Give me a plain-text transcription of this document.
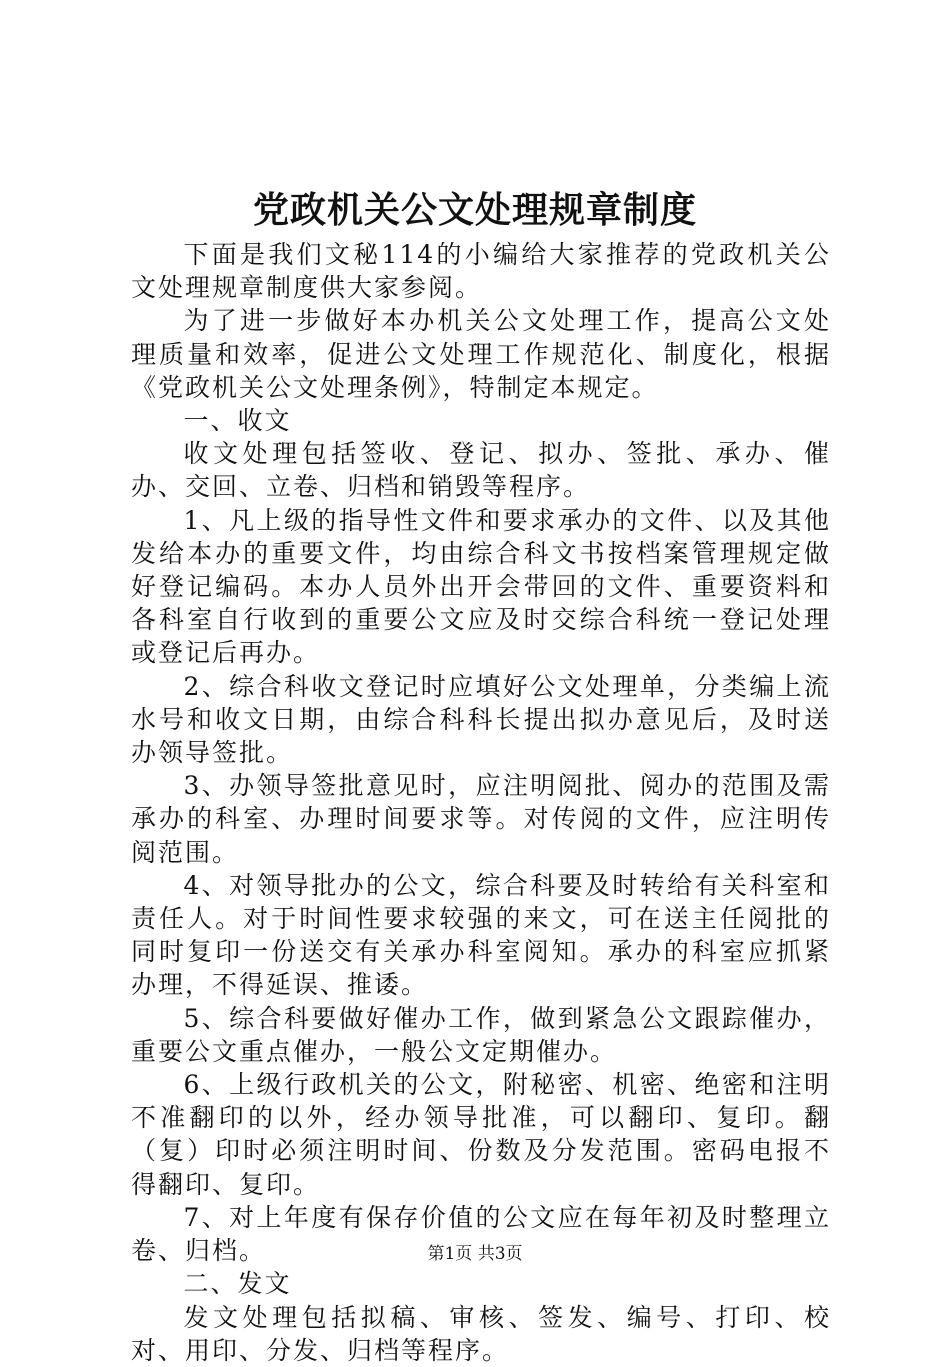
党政机关公文处理规章制度

下面是我们文秘114的小编给大家推荐的党政机关公文处理规章制度供大家参阅。

为了进一步做好本办机关公文处理工作，提高公文处理质量和效率，促进公文处理工作规范化、制度化，根据《党政机关公文处理条例》，特制定本规定。

一、收文

收文处理包括签收、登记、拟办、签批、承办、催办、交回、立卷、归档和销毁等程序。

1、凡上级的指导性文件和要求承办的文件、以及其他发给本办的重要文件，均由综合科文书按档案管理规定做好登记编码。本办人员外出开会带回的文件、重要资料和各科室自行收到的重要公文应及时交综合科统一登记处理或登记后再办。

2、综合科收文登记时应填好公文处理单，分类编上流水号和收文日期，由综合科科长提出拟办意见后，及时送办领导签批。

3、办领导签批意见时，应注明阅批、阅办的范围及需承办的科室、办理时间要求等。对传阅的文件，应注明传阅范围。

4、对领导批办的公文，综合科要及时转给有关科室和责任人。对于时间性要求较强的来文，可在送主任阅批的同时复印一份送交有关承办科室阅知。承办的科室应抓紧办理，不得延误、推诿。

5、综合科要做好催办工作，做到紧急公文跟踪催办，重要公文重点催办，一般公文定期催办。

6、上级行政机关的公文，附秘密、机密、绝密和注明不准翻印的以外，经办领导批准，可以翻印、复印。翻（复）印时必须注明时间、份数及分发范围。密码电报不得翻印、复印。

7、对上年度有保存价值的公文应在每年初及时整理立卷、归档。

二、发文

发文处理包括拟稿、审核、签发、编号、打印、校对、用印、分发、归档等程序。

第1页 共3页
